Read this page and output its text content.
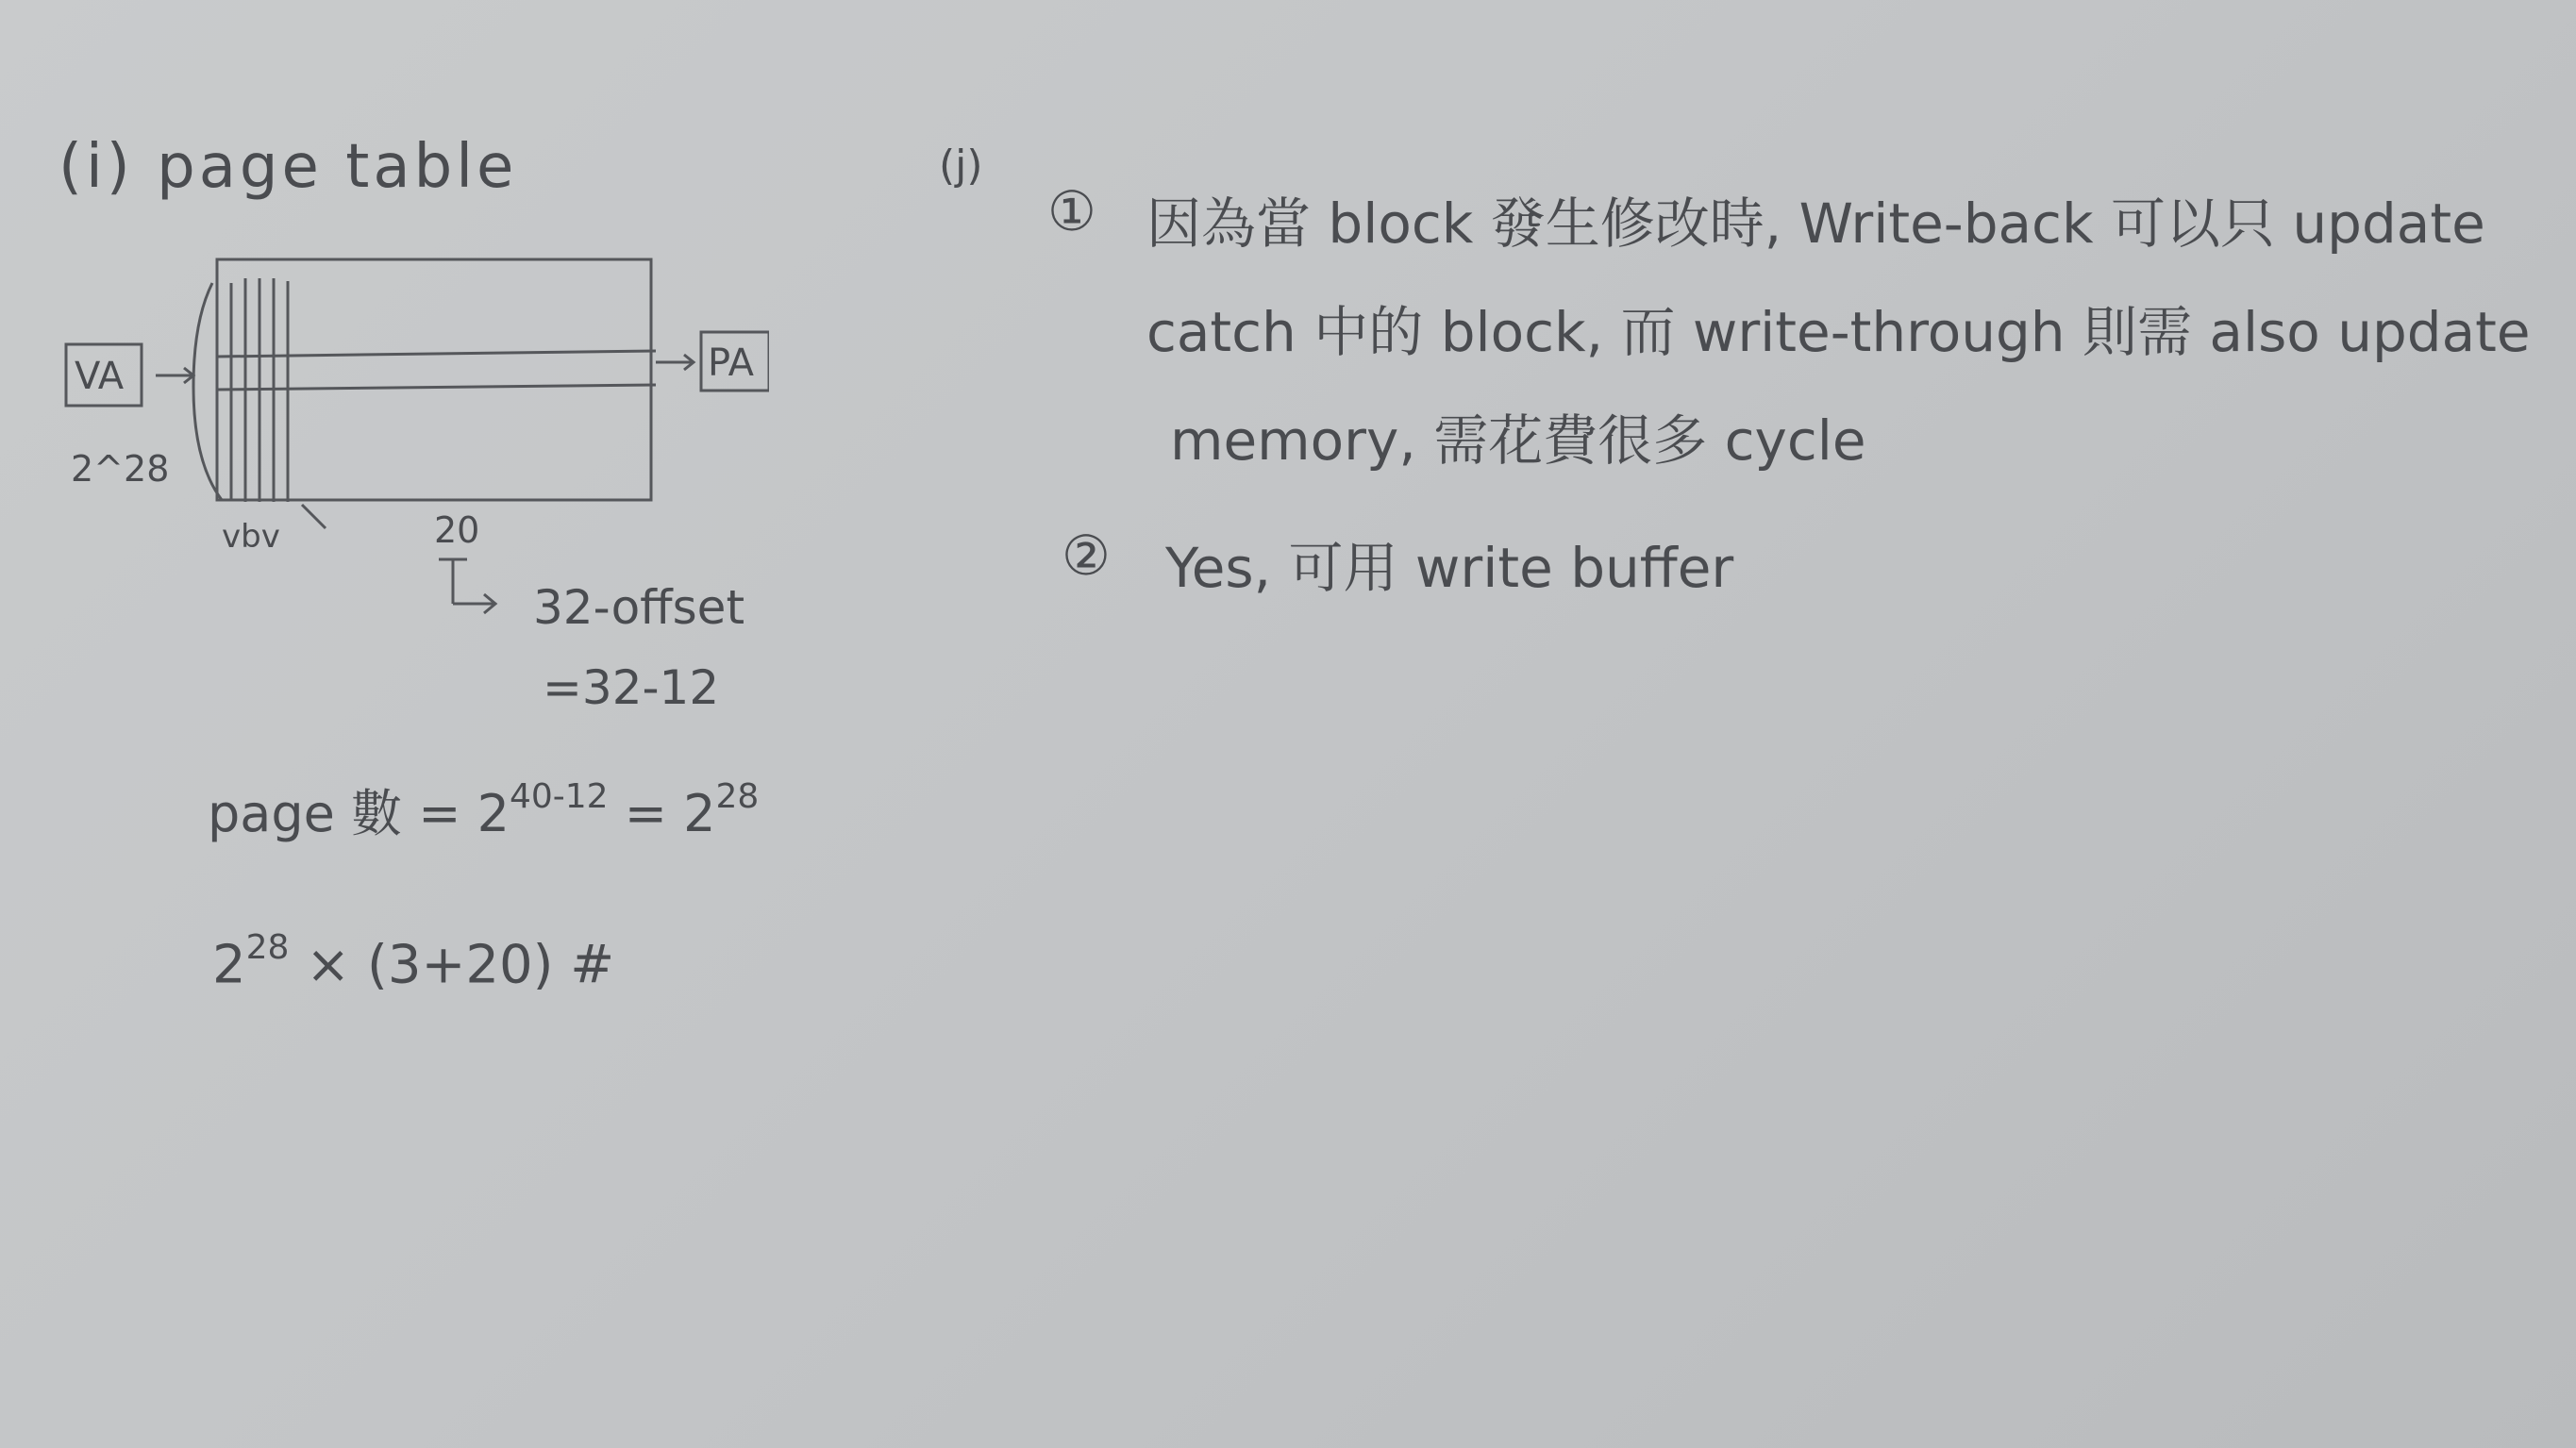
(i) page table
VA	PA
2^28
vbv	20
32-offset
=32-12
page 數 = $2^{40-12} = 2^{28}$
$2^{28} \times (3+20)$ #
(j)
① 因為當 block 發生修改時, Write-back 可以只 update
catch 中的 block, 而 write-through 則需 also update
memory, 需花費很多 cycle
② Yes, 可用 write buffer
